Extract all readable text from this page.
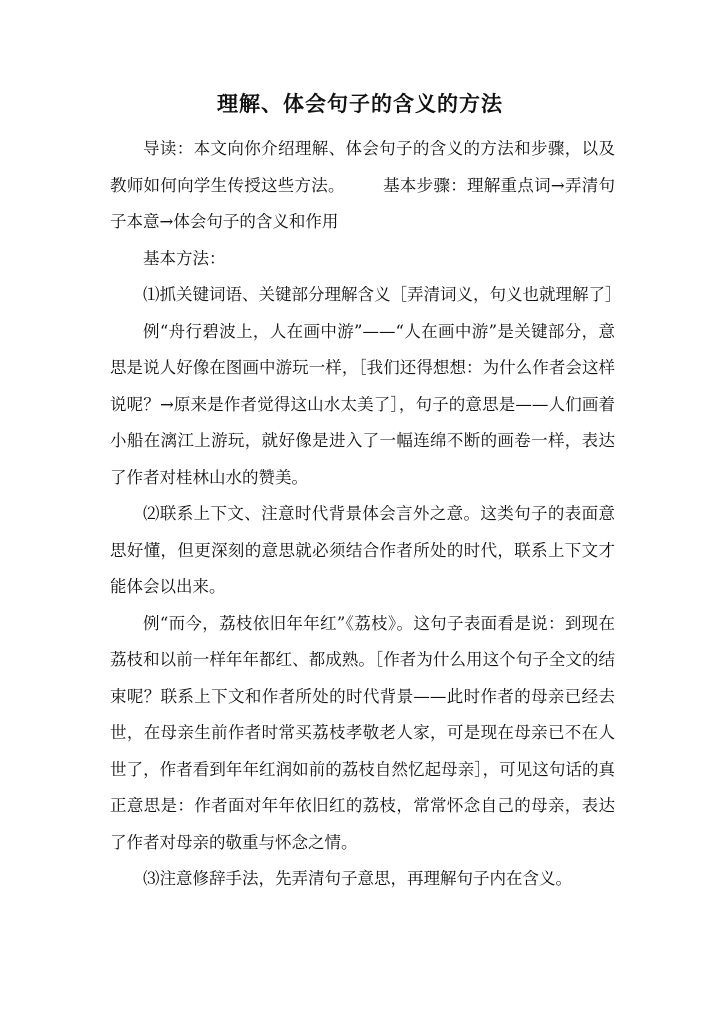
理解、体会句子的含义的方法

导读：本文向你介绍理解、体会句子的含义的方法和步骤，以及教师如何向学生传授这些方法。 基本步骤：理解重点词→弄清句子本意→体会句子的含义和作用

基本方法：

⑴抓关键词语、关键部分理解含义［弄清词义，句义也就理解了］

例“舟行碧波上，人在画中游”——“人在画中游”是关键部分，意思是说人好像在图画中游玩一样，［我们还得想想：为什么作者会这样说呢？→原来是作者觉得这山水太美了］，句子的意思是——人们画着小船在漓江上游玩，就好像是进入了一幅连绵不断的画卷一样，表达了作者对桂林山水的赞美。

⑵联系上下文、注意时代背景体会言外之意。这类句子的表面意思好懂，但更深刻的意思就必须结合作者所处的时代，联系上下文才能体会以出来。

例“而今，荔枝依旧年年红”《荔枝》。这句子表面看是说：到现在荔枝和以前一样年年都红、都成熟。［作者为什么用这个句子全文的结束呢？联系上下文和作者所处的时代背景——此时作者的母亲已经去世，在母亲生前作者时常买荔枝孝敬老人家，可是现在母亲已不在人世了，作者看到年年红润如前的荔枝自然忆起母亲］，可见这句话的真正意思是：作者面对年年依旧红的荔枝，常常怀念自己的母亲，表达了作者对母亲的敬重与怀念之情。

⑶注意修辞手法，先弄清句子意思，再理解句子内在含义。
